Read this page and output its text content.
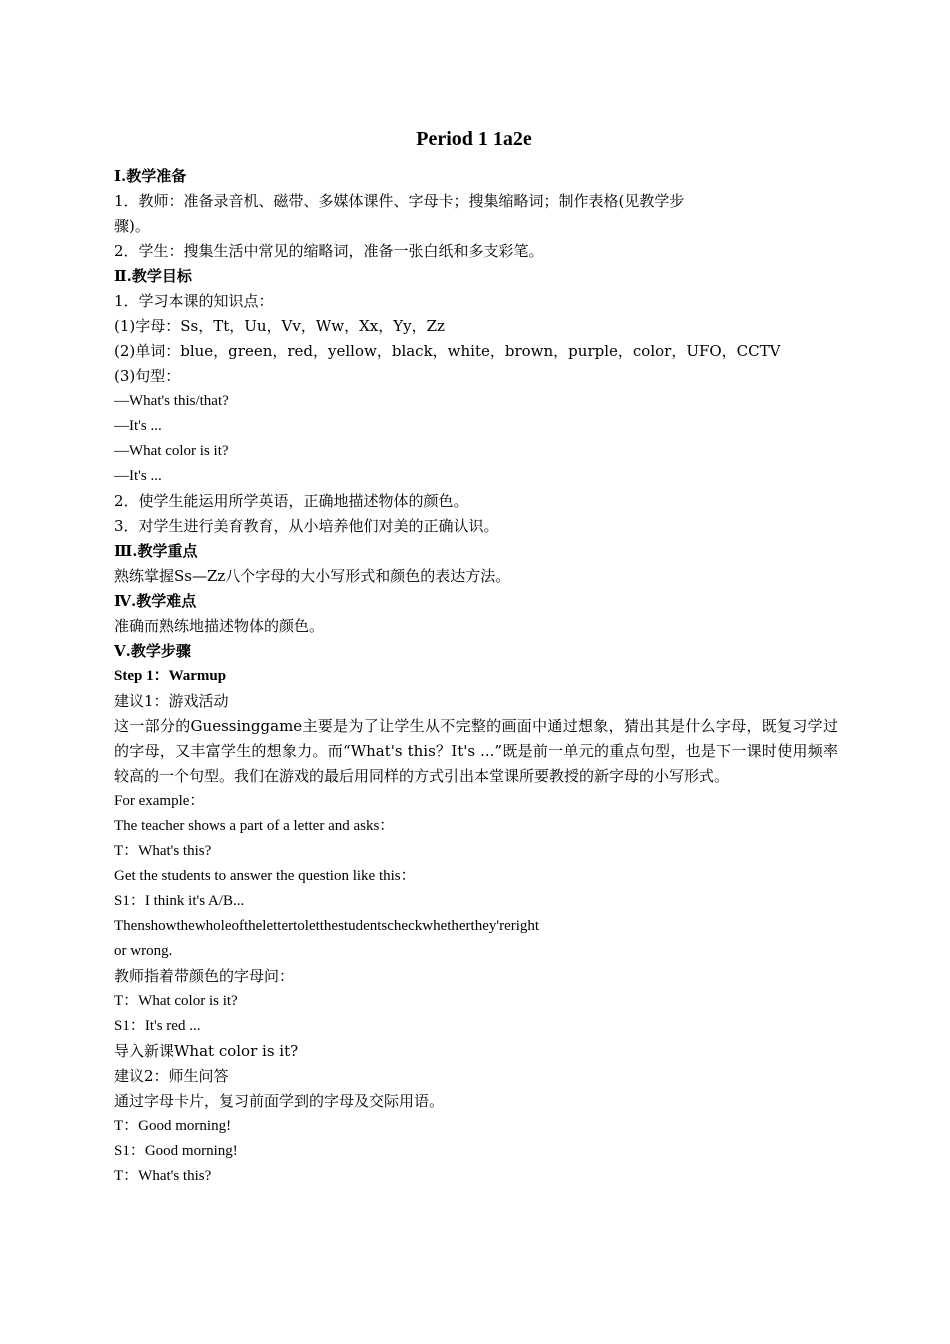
Period 1 1a2e
Ⅰ.教学准备
1．教师：准备录音机、磁带、多媒体课件、字母卡；搜集缩略词；制作表格(见教学步
骤)。
2．学生：搜集生活中常见的缩略词，准备一张白纸和多支彩笔。
Ⅱ.教学目标
1．学习本课的知识点：
(1)字母：Ss，Tt，Uu，Vv，Ww，Xx，Yy，Zz
(2)单词：blue，green，red，yellow，black，white，brown，purple，color，UFO，CCTV
(3)句型：
—What's this/that?
—It's ...
—What color is it?
—It's ...
2．使学生能运用所学英语，正确地描述物体的颜色。
3．对学生进行美育教育，从小培养他们对美的正确认识。
Ⅲ.教学重点
熟练掌握Ss—Zz八个字母的大小写形式和颜色的表达方法。
Ⅳ.教学难点
准确而熟练地描述物体的颜色。
Ⅴ.教学步骤
Step 1：Warmup
建议1：游戏活动
这一部分的Guessinggame主要是为了让学生从不完整的画面中通过想象，猜出其是什么字母，既复习学过的字母，又丰富学生的想象力。而“What's this？It's ...”既是前一单元的重点句型，也是下一课时使用频率较高的一个句型。我们在游戏的最后用同样的方式引出本堂课所要教授的新字母的小写形式。
For example：
The teacher shows a part of a letter and asks：
T：What's this?
Get the students to answer the question like this：
S1：I think it's A/B...
Thenshowthewholeofthelettertoletthestudentscheckwhetherthey'reright
or wrong.
教师指着带颜色的字母问：
T：What color is it?
S1：It's red ...
导入新课What color is it?
建议2：师生问答
通过字母卡片，复习前面学到的字母及交际用语。
T：Good morning!
S1：Good morning!
T：What's this?
